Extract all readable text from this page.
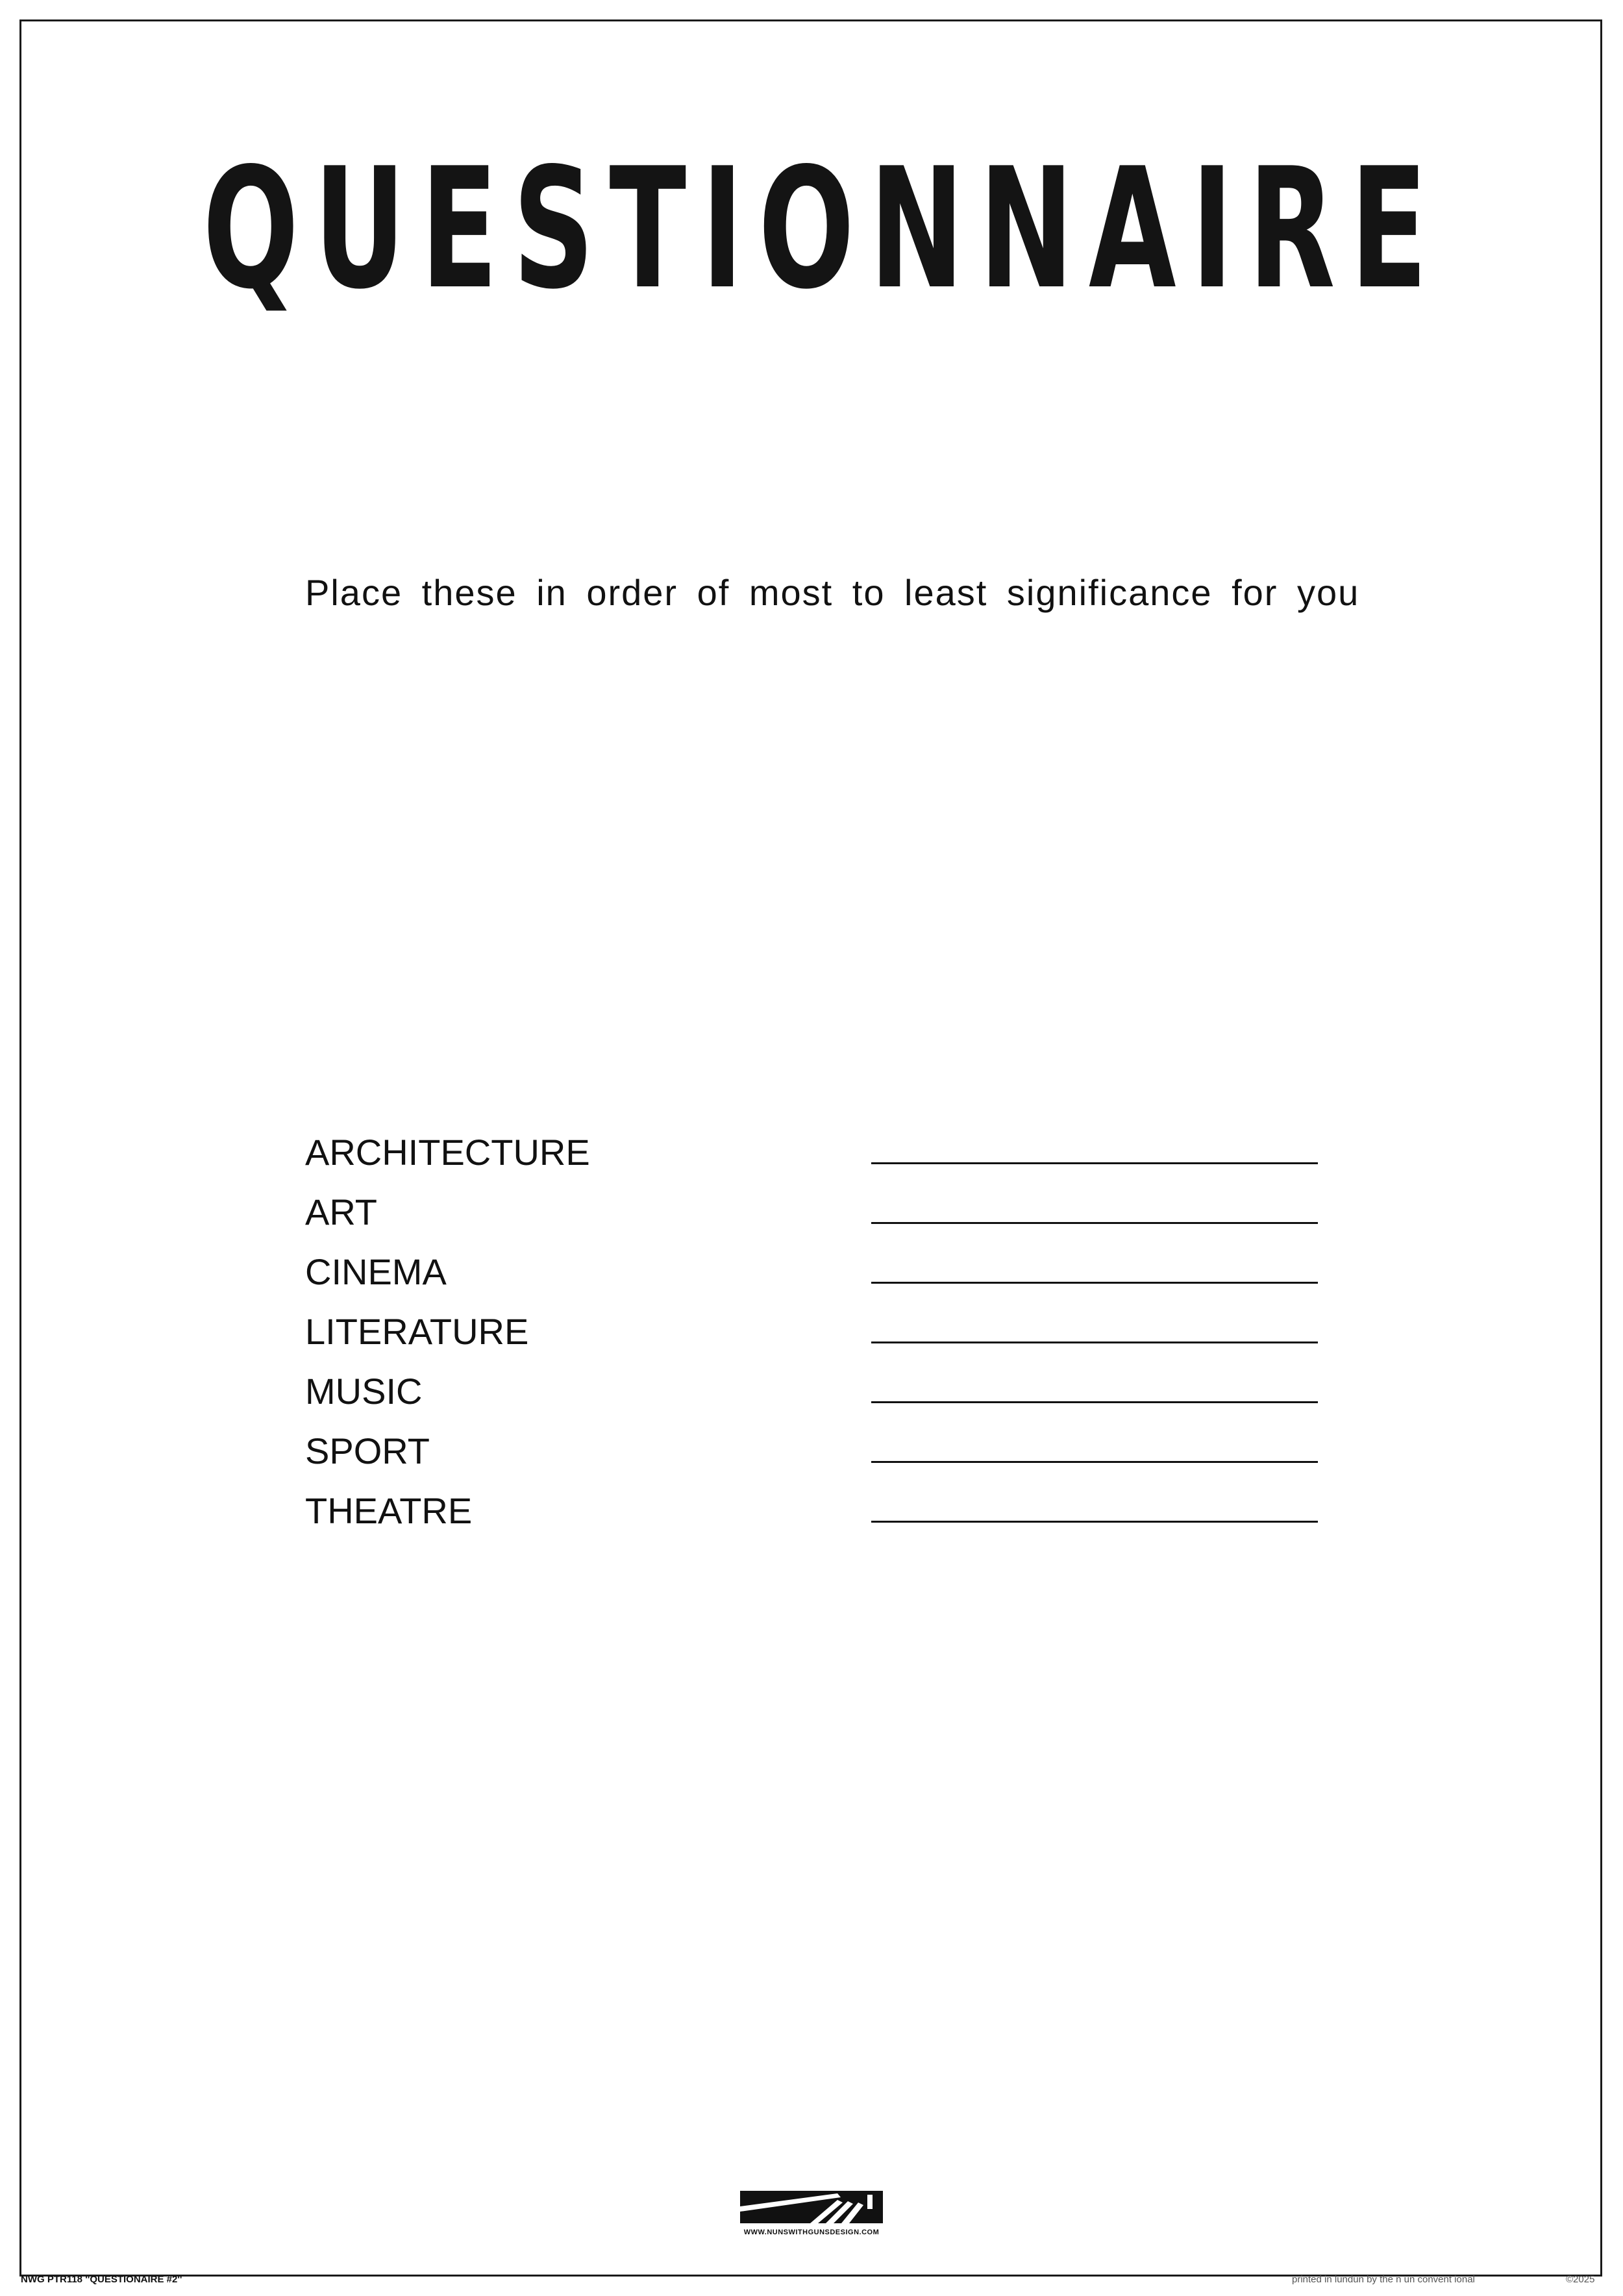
QUESTIONNAIRE
Place these in order of most to least significance for you
ARCHITECTURE
ART
CINEMA
LITERATURE
MUSIC
SPORT
THEATRE
WWW.NUNSWITHGUNSDESIGN.COM
NWG PTR118 ''QUESTIONAIRE #2''	printed in lundun by the n un convent ional	©2025
